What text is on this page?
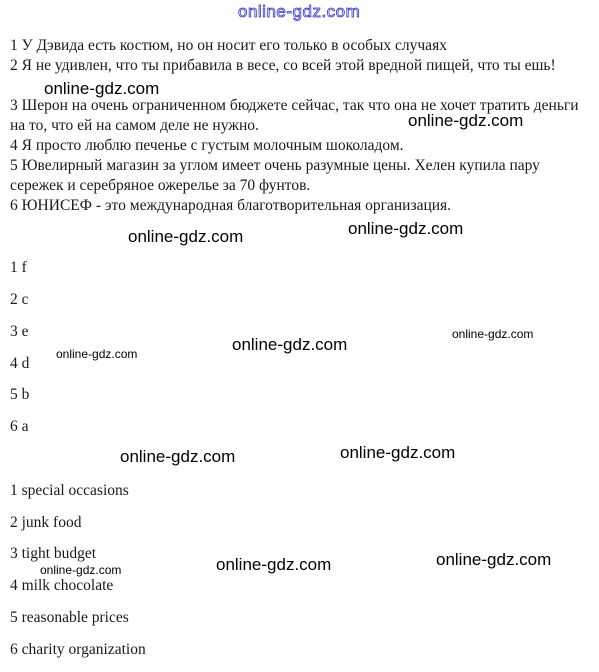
online-gdz.com
1 У Дэвида есть костюм, но он носит его только в особых случаях
2 Я не удивлен, что ты прибавила в весе, со всей этой вредной пищей, что ты ешь!
3 Шерон на очень ограниченном бюджете сейчас, так что она не хочет тратить деньги на то, что ей на самом деле не нужно.
4 Я просто люблю печенье с густым молочным шоколадом.
5 Ювелирный магазин за углом имеет очень разумные цены. Хелен купила пару сережек и серебряное ожерелье за 70 фунтов.
6 ЮНИСЕФ - это международная благотворительная организация.
1 f
2 c
3 e
4 d
5 b
6 a
1 special occasions
2 junk food
3 tight budget
4 milk chocolate
5 reasonable prices
6 charity organization
online-gdz.com
online-gdz.com
online-gdz.com
online-gdz.com
online-gdz.com
online-gdz.com
online-gdz.com
online-gdz.com
online-gdz.com
online-gdz.com
online-gdz.com
online-gdz.com
